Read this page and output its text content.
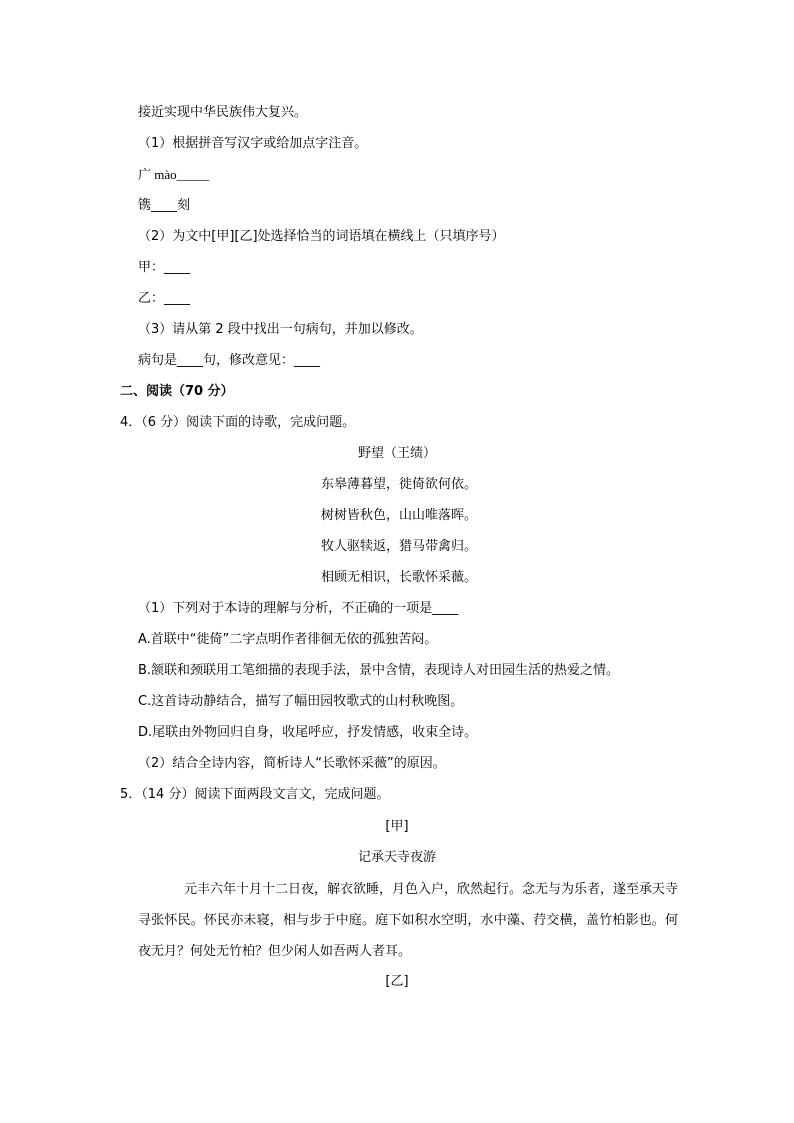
接近实现中华民族伟大复兴。
（1）根据拼音写汉字或给加点字注音。
广 mào_____
镌____刻
（2）为文中[甲][乙]处选择恰当的词语填在横线上（只填序号）
甲：____
乙：____
（3）请从第 2 段中找出一句病句，并加以修改。
病句是____句，修改意见：____
二、阅读（70 分）
4．（6 分）阅读下面的诗歌，完成问题。
野望（王绩）
东皋薄暮望，徙倚欲何依。
树树皆秋色，山山唯落晖。
牧人驱犊返，猎马带禽归。
相顾无相识，长歌怀采薇。
（1）下列对于本诗的理解与分析，不正确的一项是____
A.首联中“徙倚”二字点明作者徘徊无依的孤独苦闷。
B.颔联和颈联用工笔细描的表现手法，景中含情，表现诗人对田园生活的热爱之情。
C.这首诗动静结合，描写了幅田园牧歌式的山村秋晚图。
D.尾联由外物回归自身，收尾呼应，抒发情感，收束全诗。
（2）结合全诗内容，简析诗人“长歌怀采薇”的原因。
5．（14 分）阅读下面两段文言文，完成问题。
[甲]
记承天寺夜游
元丰六年十月十二日夜，解衣欲睡，月色入户，欣然起行。念无与为乐者，遂至承天寺寻张怀民。怀民亦未寝，相与步于中庭。庭下如积水空明，水中藻、荇交横，盖竹柏影也。何夜无月？何处无竹柏？但少闲人如吾两人者耳。
[乙]
